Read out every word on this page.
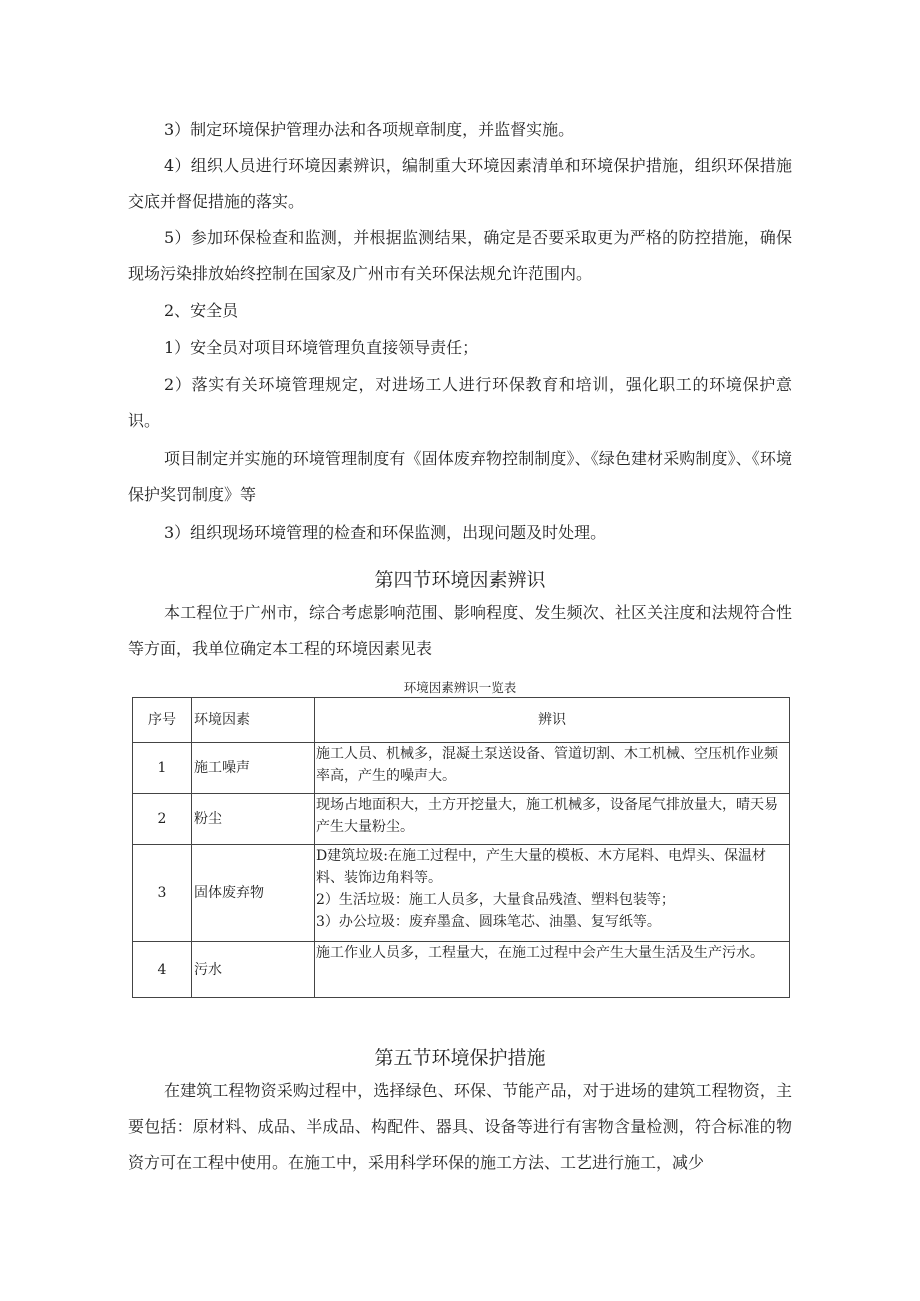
3）制定环境保护管理办法和各项规章制度，并监督实施。

4）组织人员进行环境因素辨识，编制重大环境因素清单和环境保护措施，组织环保措施交底并督促措施的落实。

5）参加环保检查和监测，并根据监测结果，确定是否要采取更为严格的防控措施，确保现场污染排放始终控制在国家及广州市有关环保法规允许范围内。

2、安全员

1）安全员对项目环境管理负直接领导责任；

2）落实有关环境管理规定，对进场工人进行环保教育和培训，强化职工的环境保护意识。

项目制定并实施的环境管理制度有《固体废弃物控制制度》、《绿色建材采购制度》、《环境保护奖罚制度》等

3）组织现场环境管理的检查和环保监测，出现问题及时处理。

第四节环境因素辨识

本工程位于广州市，综合考虑影响范围、影响程度、发生频次、社区关注度和法规符合性等方面，我单位确定本工程的环境因素见表

环境因素辨识一览表
序号	环境因素	辨识
1	施工噪声	施工人员、机械多，混凝土泵送设备、管道切割、木工机械、空压机作业频率高，产生的噪声大。

2	粉尘	现场占地面积大，土方开挖量大，施工机械多，设备尾气排放量大，晴天易产生大量粉尘。

3	固体废弃物	D建筑垃圾:在施工过程中，产生大量的模板、木方尾料、电焊头、保温材料、装饰边角料等。
2）生活垃圾：施工人员多，大量食品残渣、塑料包装等；
3）办公垃圾：废弃墨盒、圆珠笔芯、油墨、复写纸等。

4	污水	施工作业人员多，工程量大，在施工过程中会产生大量生活及生产污水。
第五节环境保护措施

在建筑工程物资采购过程中，选择绿色、环保、节能产品，对于进场的建筑工程物资，主要包括：原材料、成品、半成品、构配件、器具、设备等进行有害物含量检测，符合标准的物资方可在工程中使用。在施工中，采用科学环保的施工方法、工艺进行施工，减少
